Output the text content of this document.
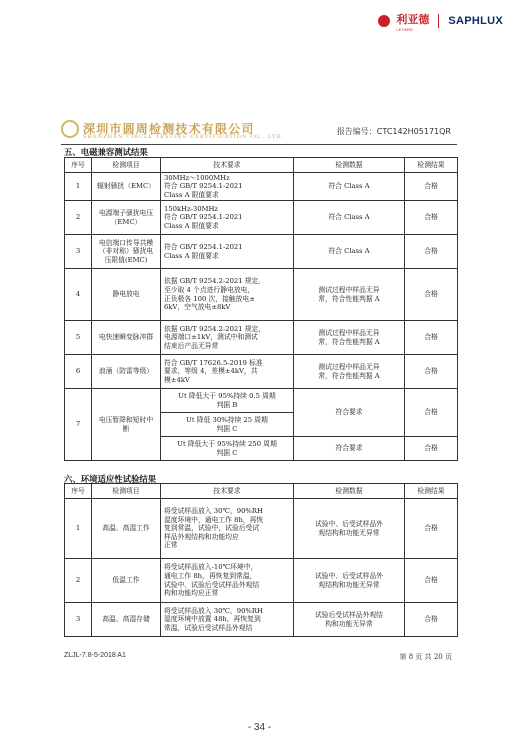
利亚德
LEYARD
SAPHLUX
深圳市圆周检测技术有限公司
SHENZHEN CIRCLE TESTING CERTIFICATION CO., LTD.
报告编号：CTC142H05171QR
五、电磁兼容测试结果
序号	检测项目	技术要求	检测数据	检测结果
1	辐射骚扰（EMC）	30MHz～1000MHz
符合 GB/T 9254.1-2021
Class A 限值要求	符合 Class A	合格
2	电源端子骚扰电压
（EMC）	150kHz-30MHz
符合 GB/T 9254.1-2021
Class A 限值要求	符合 Class A	合格
3	电信端口传导共模
（非对称）骚扰电
压限值(EMC)	符合 GB/T 9254.1-2021
Class A 限值要求	符合 Class A	合格
4	静电放电	依据 GB/T 9254.2-2021 规定,
至少取 4 个点进行静电放电，
正负极各 100 次，接触放电±
6kV，空气放电±8kV	测试过程中样品无异
常，符合性能判据 A	合格
5	电快速瞬变脉冲群	依据 GB/T 9254.2-2021 规定，
电源端口±1kV，测试中和测试
结束后产品无异常	测试过程中样品无异
常，符合性能判据 A	合格
6	浪涌（防雷等级）	符合 GB/T 17626.5-2019 标准
要求，等级 4，差模±4kV，共
模±4kV	测试过程中样品无异
常，符合性能判据 A	合格
7	电压暂降和短时中
断	Ut 降低大于 95%持续 0.5 周期
判据 B	符合要求	合格

		Ut 降低 30%持续 25 周期
判据 C		

		Ut 降低大于 95%持续 250 周期
判据 C	符合要求	合格
六、环境适应性试验结果
序号	检测项目	技术要求	检测数据	检测结果
1	高温、高湿工作	将受试样品放入 30℃，90%RH
湿度环境中，通电工作 8h，再恢
复到常温，试验中，试验后受试
样品外观结构和功能均应
正常	试验中、后受试样品外
观结构和功能无异常	合格
2	低温工作	将受试样品放入-10℃环境中，
通电工作 8h，再恢复到常温，
试验中、试验后受试样品外观结
构和功能均应正常	试验中、后受试样品外
观结构和功能无异常	合格
3	高温、高湿存储	将受试样品放入 30℃，90%RH
湿度环境中放置 48h，再恢复到
常温，试验后受试样品外观结	试验后受试样品外观结
构和功能无异常	合格
ZLJL-7.8-5-2018 A1	第 8 页 共 20 页
- 34 -
